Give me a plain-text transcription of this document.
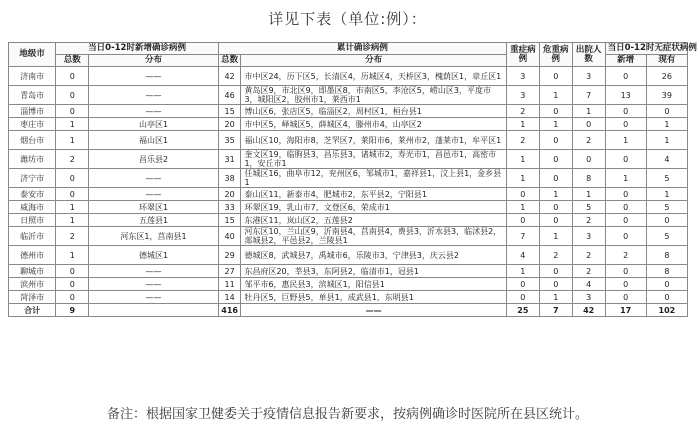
详见下表（单位:例）：
地级市	当日0-12时新增确诊病例		累计确诊病例		重症病例	危重病例	出院人数	当日0-12时无症状病例	
	总数	分布	总数	分布				新增	现有
济南市	0	——	42	市中区24，历下区5，长清区4，历城区4，天桥区3，槐荫区1，章丘区1	3	0	3	0	26
青岛市	0	——	46	黄岛区9，市北区9，即墨区8，市南区5，李沧区5，崂山区3，平度市3，城阳区2，胶州市1，莱西市1	3	1	7	13	39
淄博市	0	——	15	博山区6，张店区5，临淄区2，周村区1，桓台县1	2	0	1	0	0
枣庄市	1	山亭区1	20	市中区5，峄城区5，薛城区4，滕州市4，山亭区2	1	1	0	0	1
烟台市	1	福山区1	35	福山区10，海阳市8，芝罘区7，莱阳市6，莱州市2，蓬莱市1，牟平区1	2	0	2	1	1
潍坊市	2	昌乐县2	31	奎文区19，临朐县3，昌乐县3，诸城市2，寿光市1，昌邑市1，高密市1，安丘市1	1	0	0	0	4
济宁市	0	——	38	任城区16，曲阜市12，兖州区6，邹城市1，嘉祥县1，汶上县1，金乡县1	1	0	8	1	5
泰安市	0	——	20	泰山区11，新泰市4，肥城市2，东平县2，宁阳县1	0	1	1	0	1
威海市	1	环翠区1	33	环翠区19，乳山市7，文登区6，荣成市1	1	0	5	0	5
日照市	1	五莲县1	15	东港区11，岚山区2，五莲县2	0	0	2	0	0
临沂市	2	河东区1，莒南县1	40	河东区10，兰山区9，沂南县4，莒南县4，费县3，沂水县3，临沭县2，郯城县2，平邑县2，兰陵县1	7	1	3	0	5
德州市	1	德城区1	29	德城区8，武城县7，禹城市6，乐陵市3，宁津县3，庆云县2	4	2	2	2	8
聊城市	0	——	27	东昌府区20，莘县3，东阿县2，临清市1，冠县1	1	0	2	0	8
滨州市	0	——	11	邹平市6，惠民县3，滨城区1，阳信县1	0	0	4	0	0
菏泽市	0	——	14	牡丹区5，巨野县5，单县1，成武县1，东明县1	0	1	3	0	0
合计	9		416	——	25	7	42	17	102
备注：根据国家卫健委关于疫情信息报告新要求，按病例确诊时医院所在县区统计。
